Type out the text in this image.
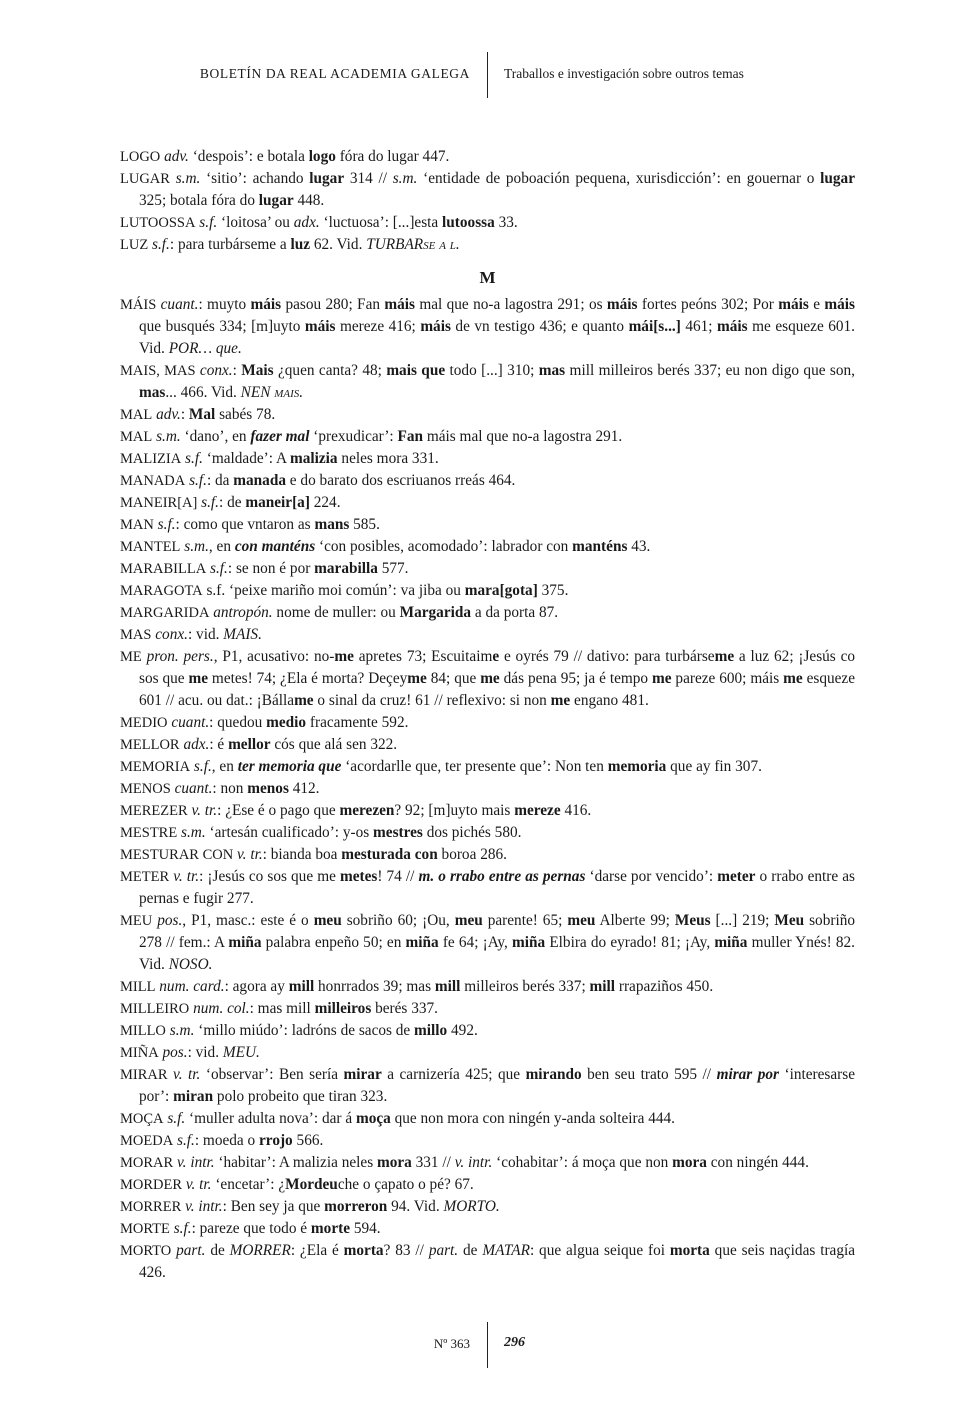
BOLETÍN DA REAL ACADEMIA GALEGA	Traballos e investigación sobre outros temas

LOGO adv. ‘despois’: e botala logo fóra do lugar 447.

LUGAR s.m. ‘sitio’: achando lugar 314 // s.m. ‘entidade de poboación pequena, xurisdicción’: en gouernar o lugar 325; botala fóra do lugar 448.

LUTOOSSA s.f. ‘loitosa’ ou adx. ‘luctuosa’: [...]esta lutoossa 33.

LUZ s.f.: para turbárseme a luz 62. Vid. TURBARse a l.

M

MÁIS cuant.: muyto máis pasou 280; Fan máis mal que no-a lagostra 291; os máis fortes peóns 302; Por máis e máis que busqués 334; [m]uyto máis mereze 416; máis de vn testigo 436; e quanto mái[s...] 461; máis me esqueze 601. Vid. POR… que.

MAIS, MAS conx.: Mais ¿quen canta? 48; mais que todo [...] 310; mas mill milleiros berés 337; eu non digo que son, mas... 466. Vid. NEN mais.

MAL adv.: Mal sabés 78.

MAL s.m. ‘dano’, en fazer mal ‘prexudicar’: Fan máis mal que no-a lagostra 291.

MALIZIA s.f. ‘maldade’: A malizia neles mora 331.

MANADA s.f.: da manada e do barato dos escriuanos rreás 464.

MANEIR[A] s.f.: de maneir[a] 224.

MAN s.f.: como que vntaron as mans 585.

MANTEL s.m., en con manténs ‘con posibles, acomodado’: labrador con manténs 43.

MARABILLA s.f.: se non é por marabilla 577.

MARAGOTA s.f. ‘peixe mariño moi común’: va jiba ou mara[gota] 375.

MARGARIDA antropón. nome de muller: ou Margarida a da porta 87.

MAS conx.: vid. MAIS.

ME pron. pers., P1, acusativo: no-me apretes 73; Escuitaime e oyrés 79 // dativo: para turbárseme a luz 62; ¡Jesús co sos que me metes! 74; ¿Ela é morta? Deçeyme 84; que me dás pena 95; ja é tempo me pareze 600; máis me esqueze 601 // acu. ou dat.: ¡Bállame o sinal da cruz! 61 // reflexivo: si non me engano 481.

MEDIO cuant.: quedou medio fracamente 592.

MELLOR adx.: é mellor cós que alá sen 322.

MEMORIA s.f., en ter memoria que ‘acordarlle que, ter presente que’: Non ten memoria que ay fin 307.

MENOS cuant.: non menos 412.

MEREZER v. tr.: ¿Ese é o pago que merezen? 92; [m]uyto mais mereze 416.

MESTRE s.m. ‘artesán cualificado’: y-os mestres dos pichés 580.

MESTURAR CON v. tr.: bianda boa mesturada con boroa 286.

METER v. tr.: ¡Jesús co sos que me metes! 74 // m. o rrabo entre as pernas ‘darse por vencido’: meter o rrabo entre as pernas e fugir 277.

MEU pos., P1, masc.: este é o meu sobriño 60; ¡Ou, meu parente! 65; meu Alberte 99; Meus [...] 219; Meu sobriño 278 // fem.: A miña palabra enpeño 50; en miña fe 64; ¡Ay, miña Elbira do eyrado! 81; ¡Ay, miña muller Ynés! 82. Vid. NOSO.

MILL num. card.: agora ay mill honrrados 39; mas mill milleiros berés 337; mill rrapaziños 450.

MILLEIRO num. col.: mas mill milleiros berés 337.

MILLO s.m. ‘millo miúdo’: ladróns de sacos de millo 492.

MIÑA pos.: vid. MEU.

MIRAR v. tr. ‘observar’: Ben sería mirar a carnizería 425; que mirando ben seu trato 595 // mirar por ‘interesarse por’: miran polo probeito que tiran 323.

MOÇA s.f. ‘muller adulta nova’: dar á moça que non mora con ningén y-anda solteira 444.

MOEDA s.f.: moeda o rrojo 566.

MORAR v. intr. ‘habitar’: A malizia neles mora 331 // v. intr. ‘cohabitar’: á moça que non mora con ningén 444.

MORDER v. tr. ‘encetar’: ¿Mordeuche o çapato o pé? 67.

MORRER v. intr.: Ben sey ja que morreron 94. Vid. MORTO.

MORTE s.f.: pareze que todo é morte 594.

MORTO part. de MORRER: ¿Ela é morta? 83 // part. de MATAR: que algua seique foi morta que seis naçidas tragía 426.

Nº 363 296
